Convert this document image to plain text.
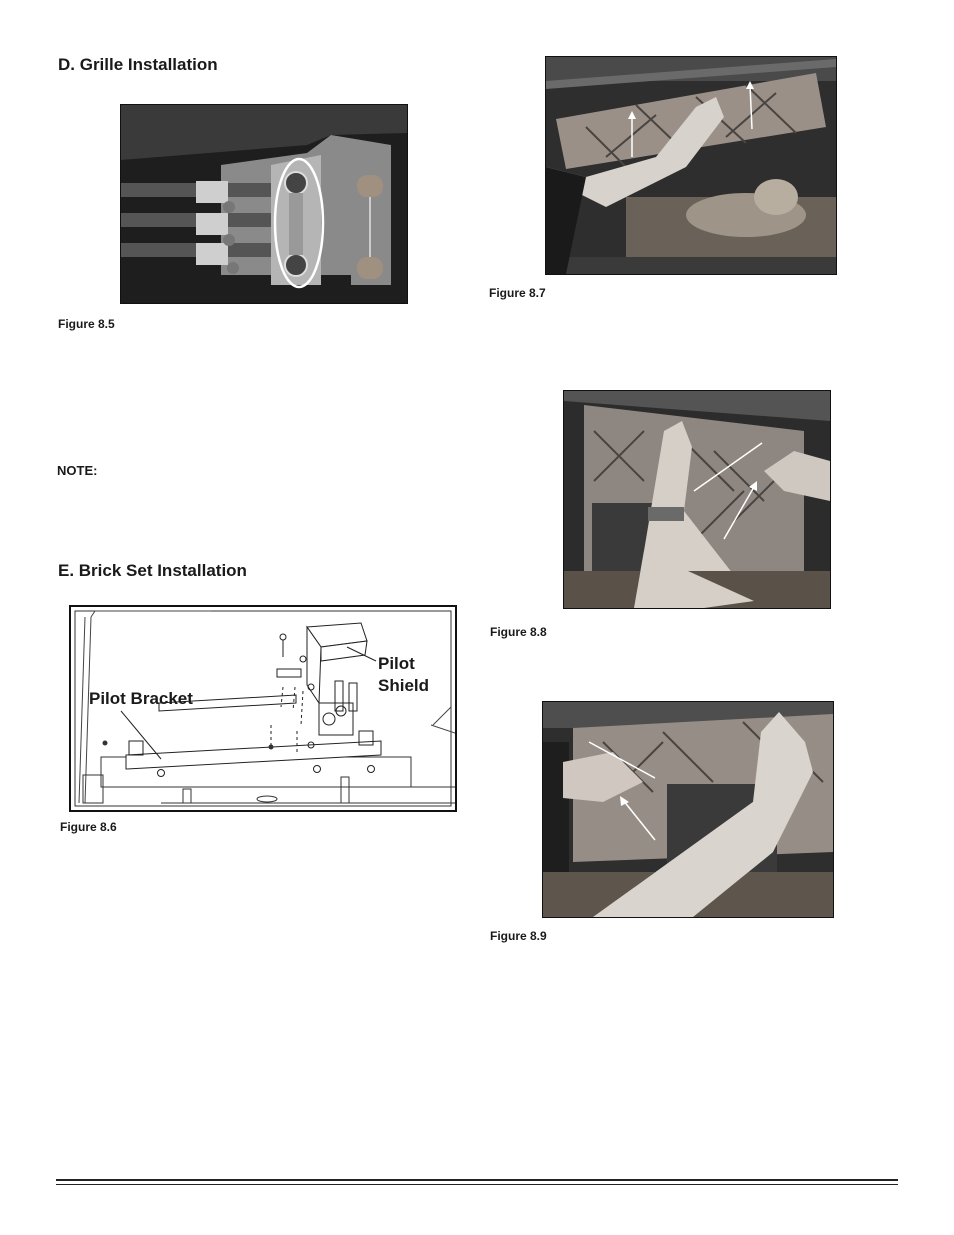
D. Grille Installation
Figure 8.5
NOTE:
E. Brick Set Installation
Pilot Bracket
Pilot
Shield
Figure 8.6
Figure 8.7
Figure 8.8
Figure 8.9
